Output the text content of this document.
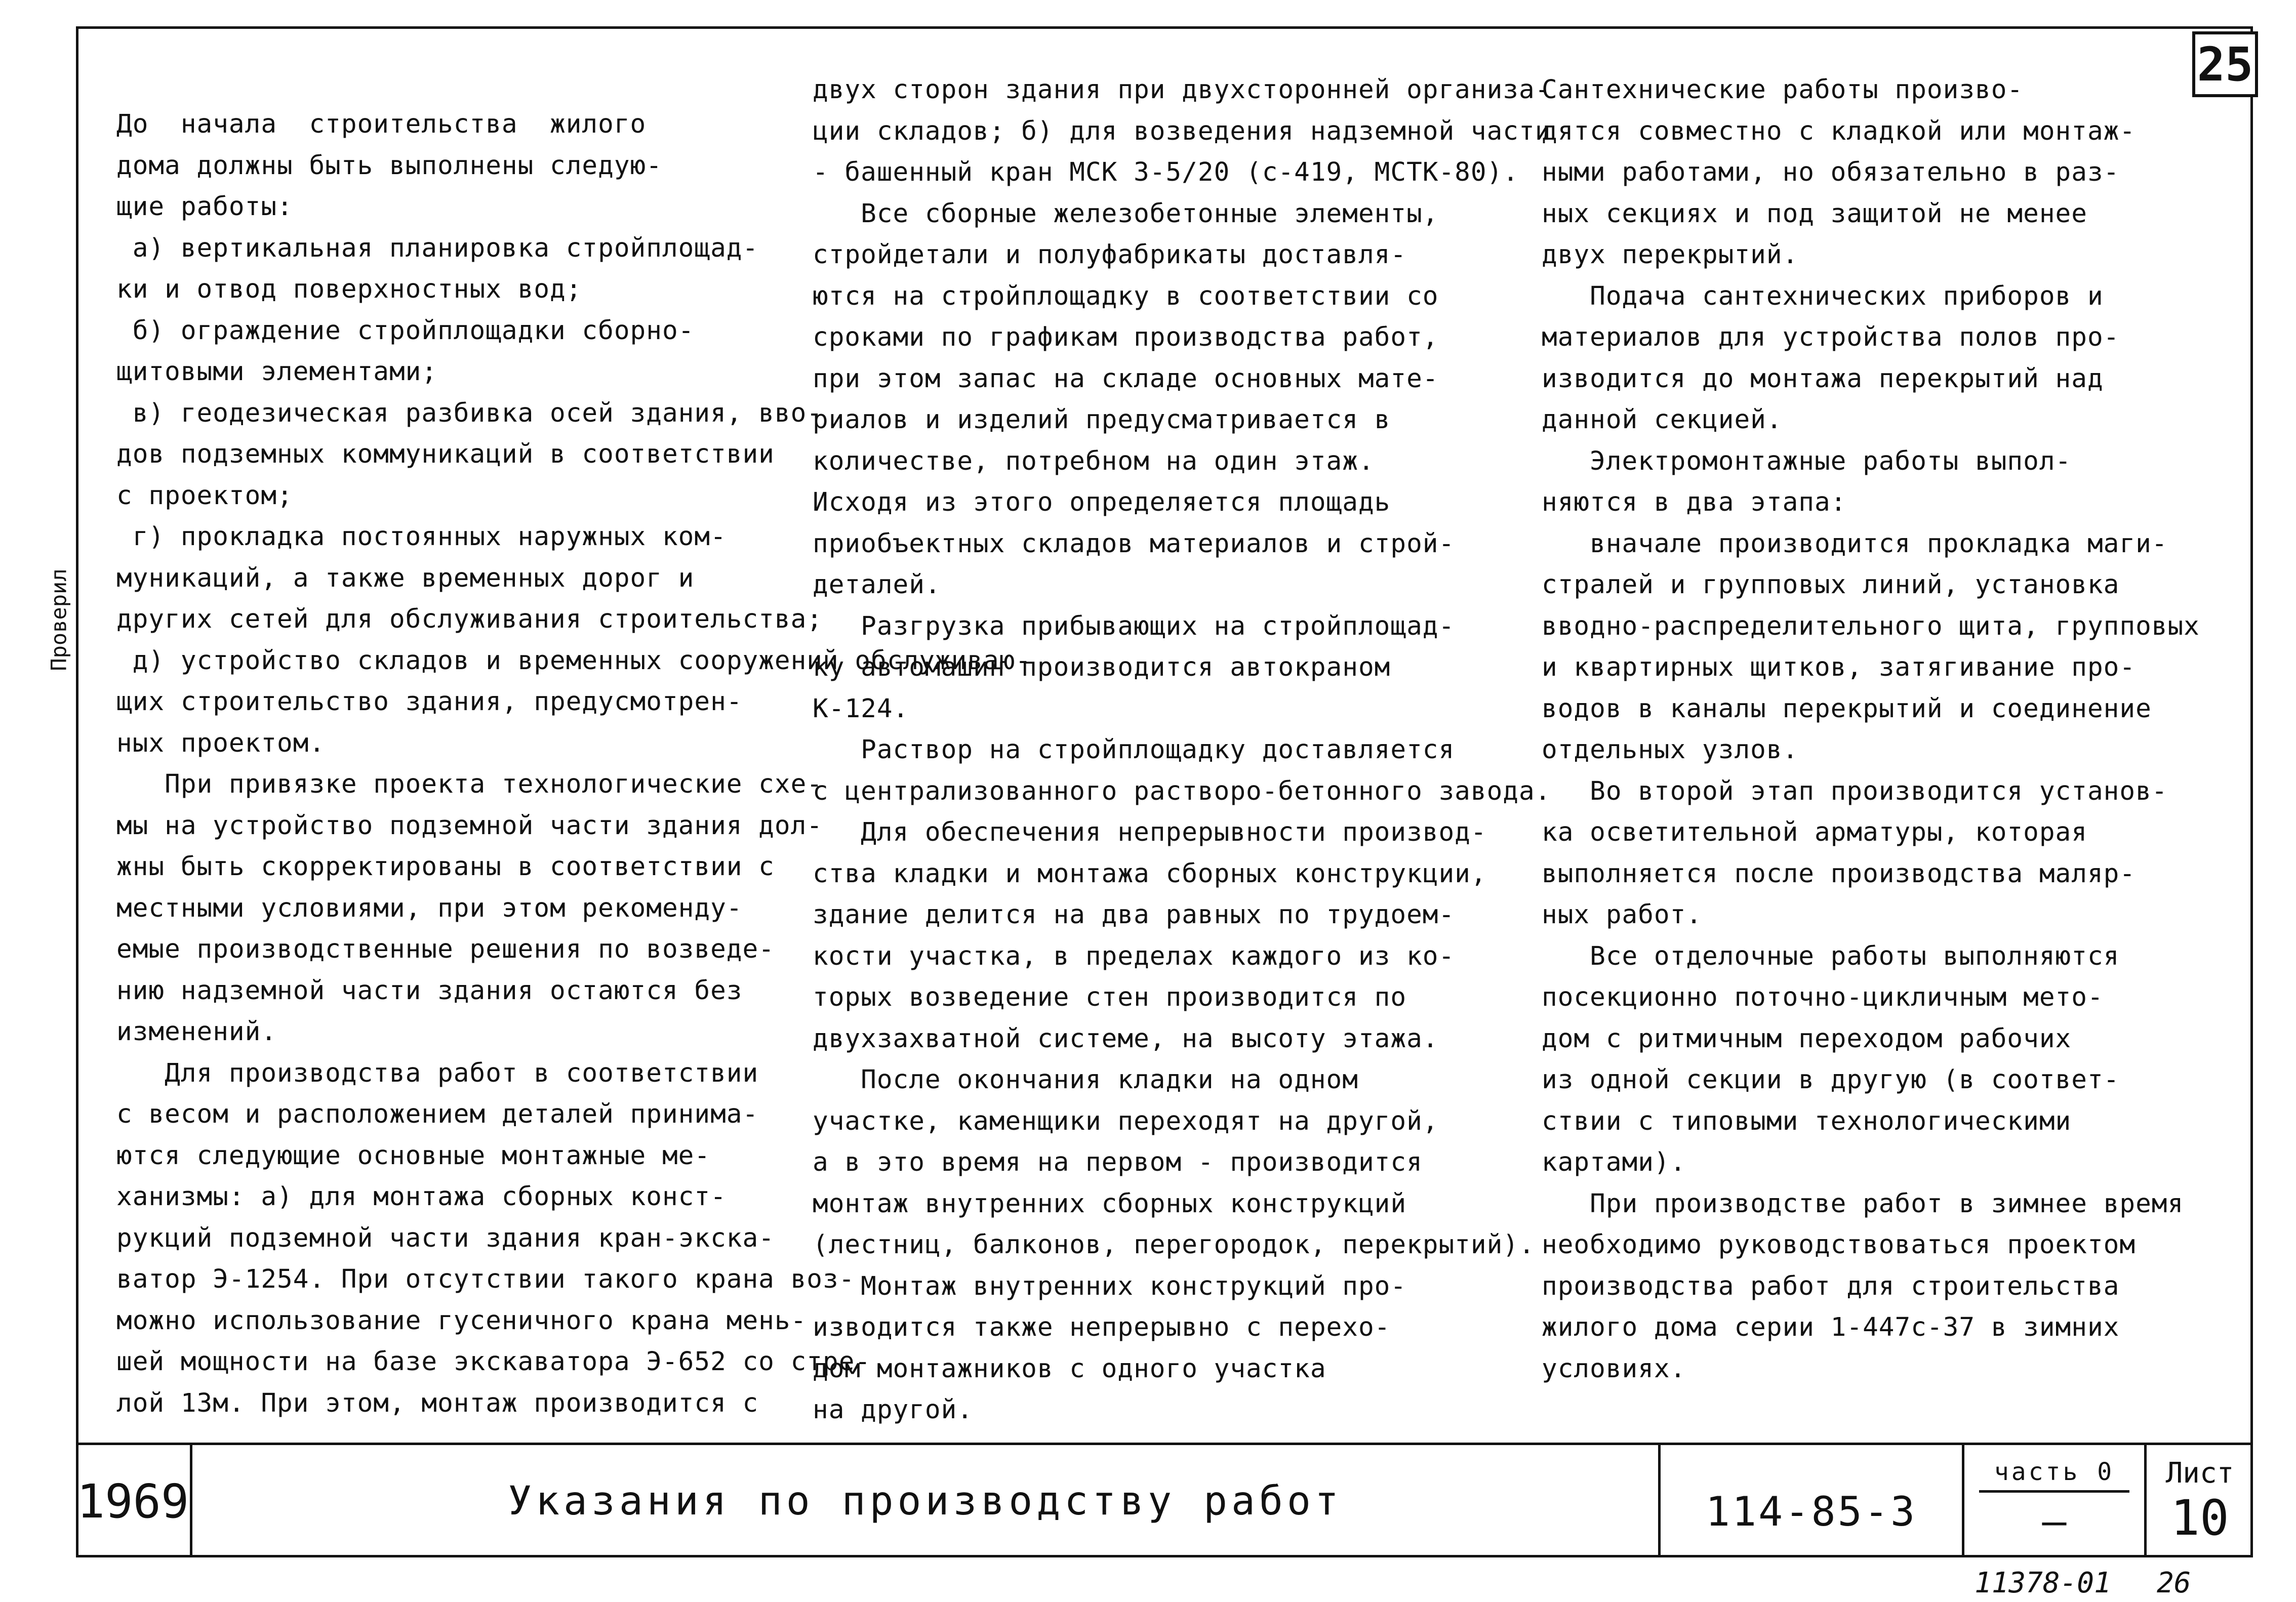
25
Проверил

До  начала  строительства  жилого

дома должны быть выполнены следую-

щие работы:

а) вертикальная планировка стройплощад-

ки и отвод поверхностных вод;

б) ограждение стройплощадки сборно-

щитовыми элементами;

в) геодезическая разбивка осей здания, вво-

дов подземных коммуникаций в соответствии

с проектом;

г) прокладка постоянных наружных ком-

муникаций, а также временных дорог и

других сетей для обслуживания строительства;

д) устройство складов и временных сооружений обслуживаю-

щих строительство здания, предусмотрен-

ных проектом.

При привязке проекта технологические схе-

мы на устройство подземной части здания дол-

жны быть скорректированы в соответствии с

местными условиями, при этом рекоменду-

емые производственные решения по возведе-

нию надземной части здания остаются без

изменений.

Для производства работ в соответствии

с весом и расположением деталей принима-

ются следующие основные монтажные ме-

ханизмы: а) для монтажа сборных конст-

рукций подземной части здания кран-экска-

ватор Э-1254. При отсутствии такого крана воз-

можно использование гусеничного крана мень-

шей мощности на базе экскаватора Э-652 со стре-

лой 13м. При этом, монтаж производится с

двух сторон здания при двухсторонней организа-

ции складов; б) для возведения надземной части

- башенный кран МСК 3-5/20 (с-419, МСТК-80).

Все сборные железобетонные элементы,

стройдетали и полуфабрикаты доставля-

ются на стройплощадку в соответствии со

сроками по графикам производства работ,

при этом запас на складе основных мате-

риалов и изделий предусматривается в

количестве, потребном на один этаж.

Исходя из этого определяется площадь

приобъектных складов материалов и строй-

деталей.

Разгрузка прибывающих на стройплощад-

ку автомашин производится автокраном

К-124.

Раствор на стройплощадку доставляется

с централизованного растворо-бетонного завода.

Для обеспечения непрерывности производ-

ства кладки и монтажа сборных конструкции,

здание делится на два равных по трудоем-

кости участка, в пределах каждого из ко-

торых возведение стен производится по

двухзахватной системе, на высоту этажа.

После окончания кладки на одном

участке, каменщики переходят на другой,

а в это время на первом - производится

монтаж внутренних сборных конструкций

(лестниц, балконов, перегородок, перекрытий).

Монтаж внутренних конструкций про-

изводится также непрерывно с перехо-

дом монтажников с одного участка

на другой.

Сантехнические работы произво-

дятся совместно с кладкой или монтаж-

ными работами, но обязательно в раз-

ных секциях и под защитой не менее

двух перекрытий.

Подача сантехнических приборов и

материалов для устройства полов про-

изводится до монтажа перекрытий над

данной секцией.

Электромонтажные работы выпол-

няются в два этапа:

вначале производится прокладка маги-

стралей и групповых линий, установка

вводно-распределительного щита, групповых

и квартирных щитков, затягивание про-

водов в каналы перекрытий и соединение

отдельных узлов.

Во второй этап производится установ-

ка осветительной арматуры, которая

выполняется после производства маляр-

ных работ.

Все отделочные работы выполняются

посекционно поточно-цикличным мето-

дом с ритмичным переходом рабочих

из одной секции в другую (в соответ-

ствии с типовыми технологическими

картами).

При производстве работ в зимнее время

необходимо руководствоваться проектом

производства работ для строительства

жилого дома серии 1-447с-37 в зимних

условиях.

1969	Указания по производству работ	114-85-3
часть 0
—
Лист
10
11378-01 26
